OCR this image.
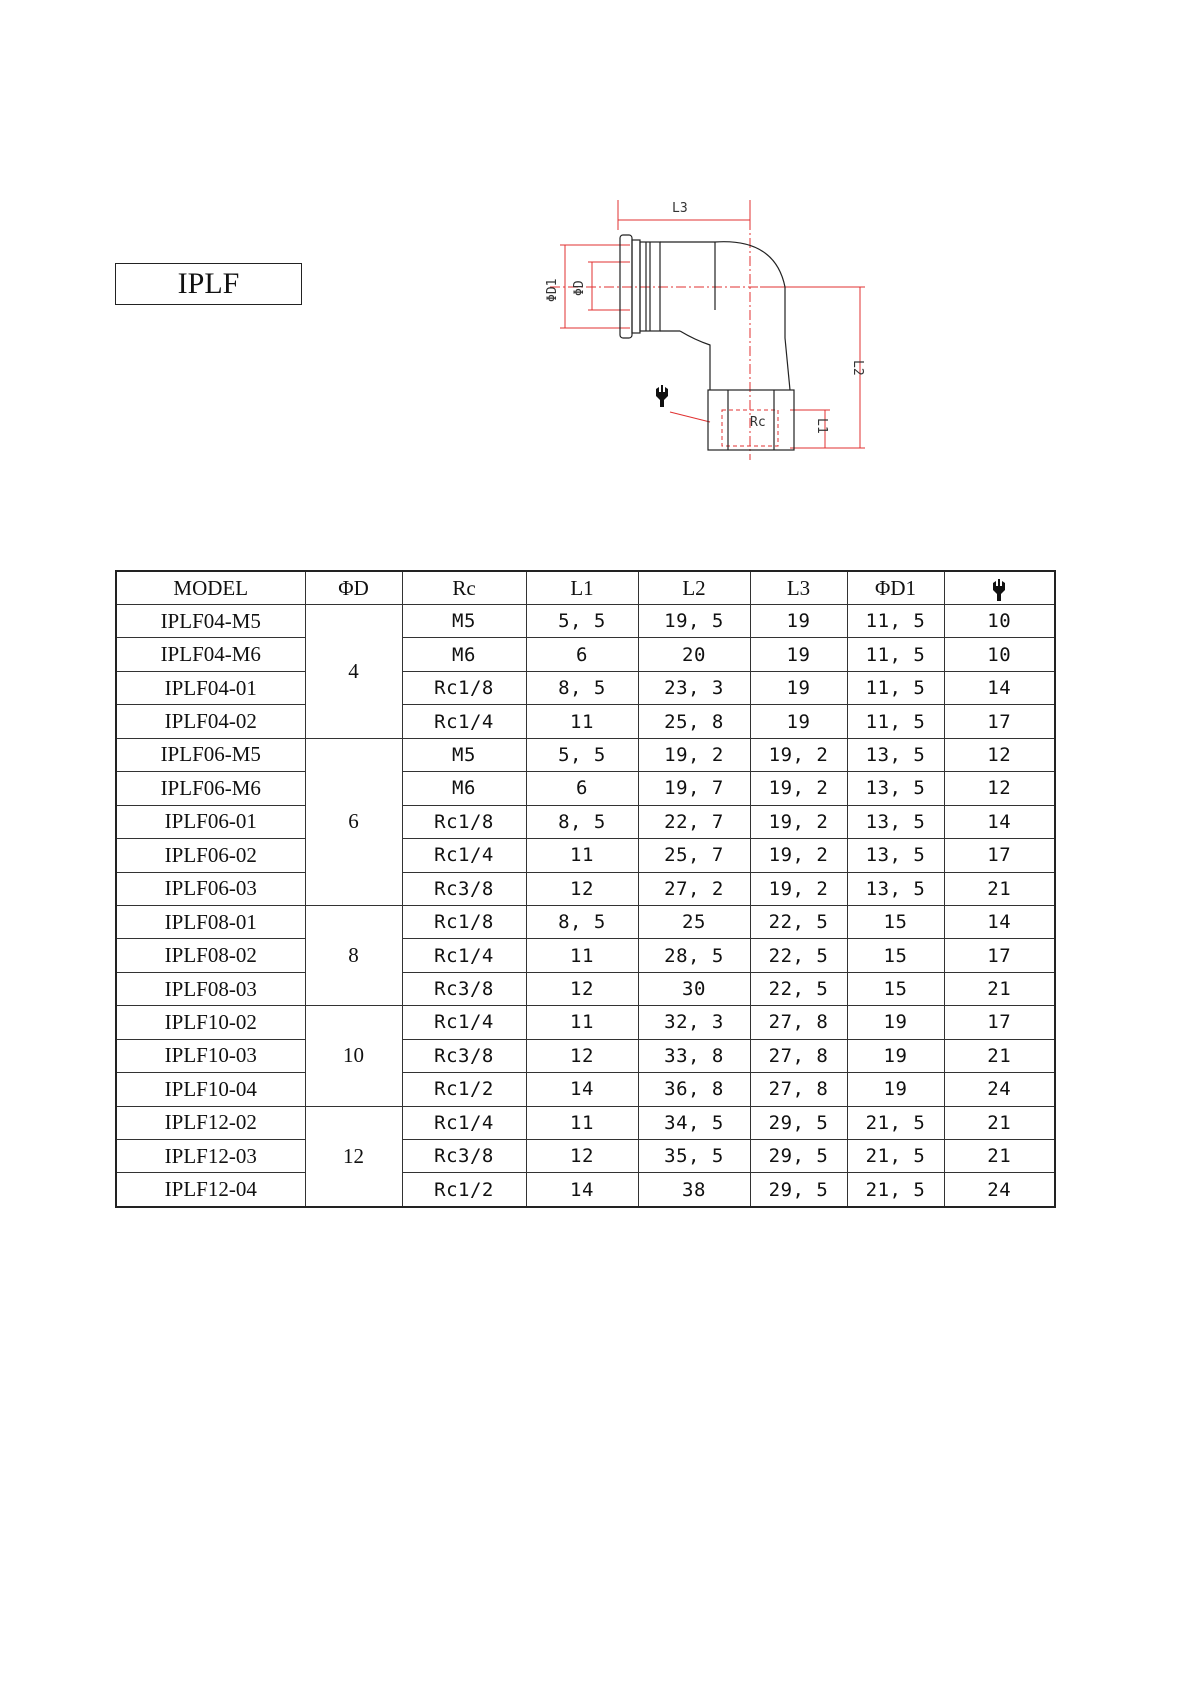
IPLF
L3
ΦD1 ΦD
L2
L1
Rc
MODEL	ΦD	Rc	L1	L2	L3	ΦD1	
IPLF04-M5	4	M5	5, 5	19, 5	19	11, 5	10
IPLF04-M6		M6	6	20	19	11, 5	10
IPLF04-01		Rc1/8	8, 5	23, 3	19	11, 5	14
IPLF04-02		Rc1/4	11	25, 8	19	11, 5	17
IPLF06-M5	6	M5	5, 5	19, 2	19, 2	13, 5	12
IPLF06-M6		M6	6	19, 7	19, 2	13, 5	12
IPLF06-01		Rc1/8	8, 5	22, 7	19, 2	13, 5	14
IPLF06-02		Rc1/4	11	25, 7	19, 2	13, 5	17
IPLF06-03		Rc3/8	12	27, 2	19, 2	13, 5	21
IPLF08-01	8	Rc1/8	8, 5	25	22, 5	15	14
IPLF08-02		Rc1/4	11	28, 5	22, 5	15	17
IPLF08-03		Rc3/8	12	30	22, 5	15	21
IPLF10-02	10	Rc1/4	11	32, 3	27, 8	19	17
IPLF10-03		Rc3/8	12	33, 8	27, 8	19	21
IPLF10-04		Rc1/2	14	36, 8	27, 8	19	24
IPLF12-02	12	Rc1/4	11	34, 5	29, 5	21, 5	21
IPLF12-03		Rc3/8	12	35, 5	29, 5	21, 5	21
IPLF12-04		Rc1/2	14	38	29, 5	21, 5	24
